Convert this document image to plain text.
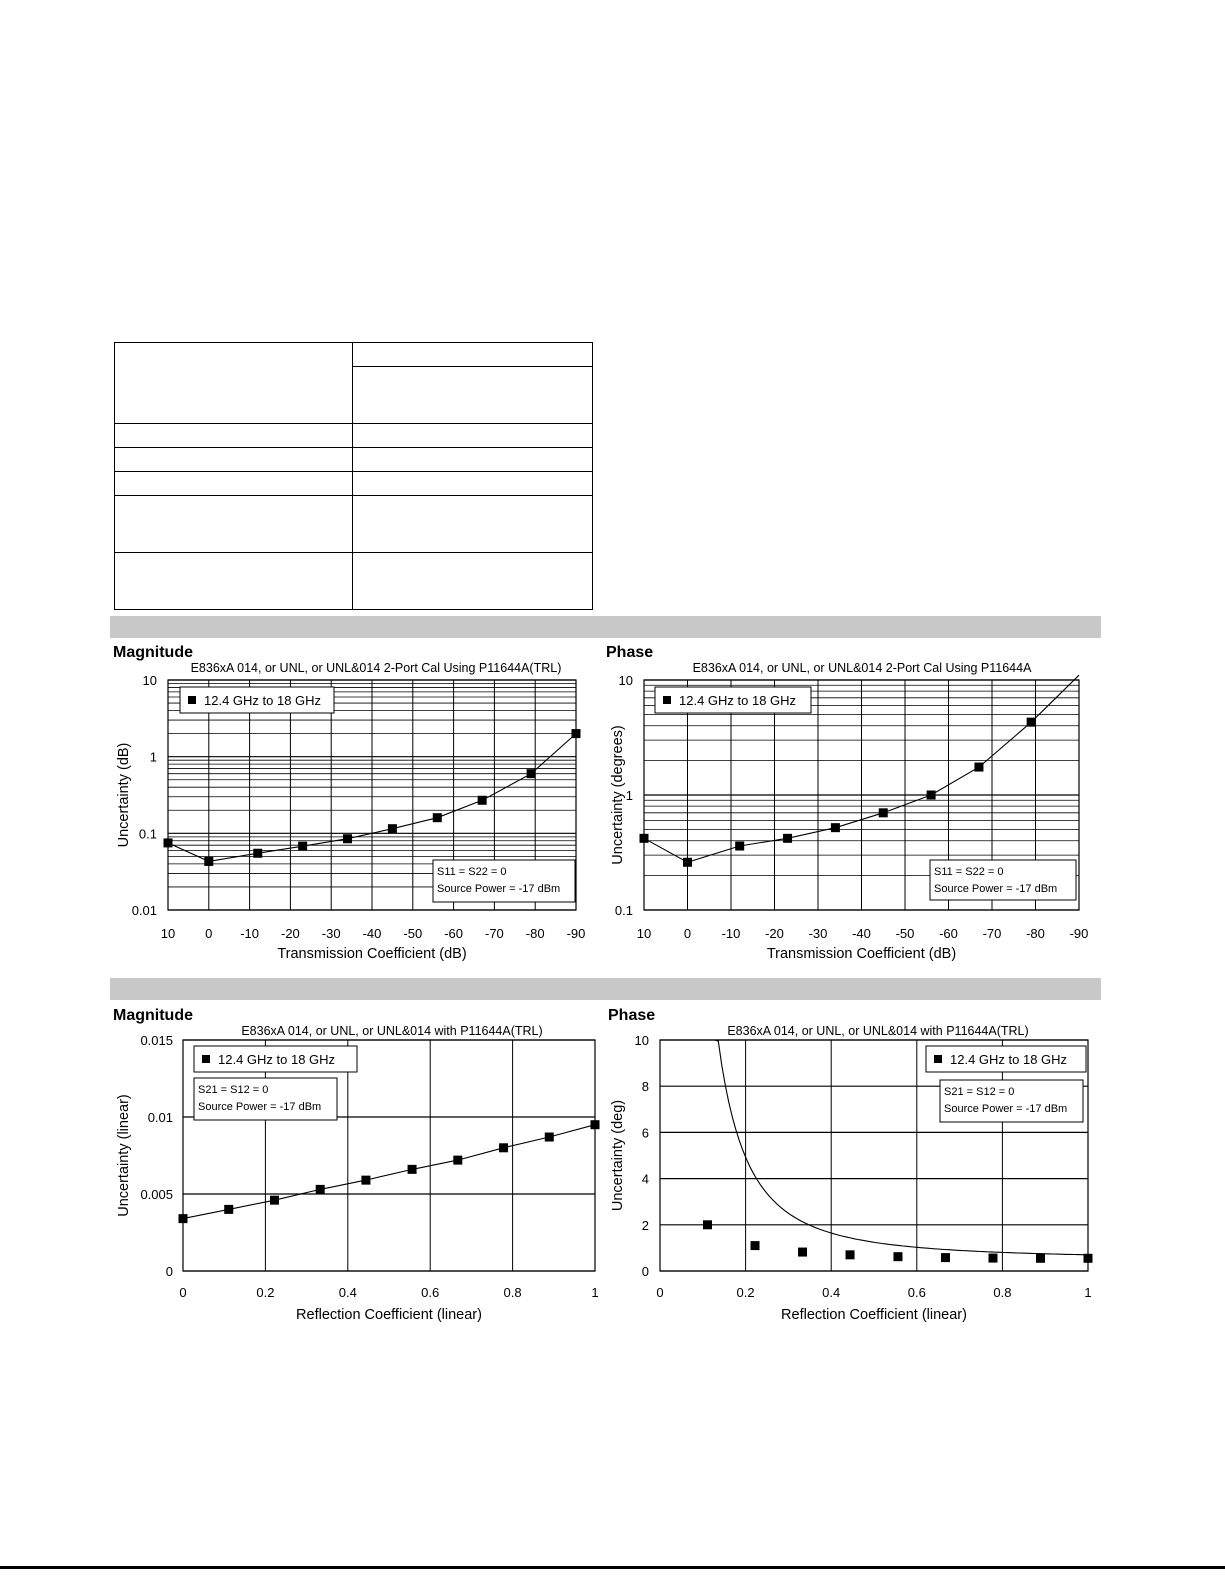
Magnitude
E836xA 014, or UNL, or UNL&014 2-Port Cal Using P11644A(TRL)
0.01
0.1
1
10
10 0 -10 -20 -30 -40 -50 -60 -70 -80 -90
Transmission Coefficient (dB)
Uncertainty (dB)
12.4 GHz to 18 GHz
S11 = S22 = 0
Source Power = -17 dBm
Phase
E836xA 014, or UNL, or UNL&014 2-Port Cal Using P11644A
0.1
1
10
10	0 -10 -20 -30 -40 -50 -60 -70 -80 -90
Transmission Coefficient (dB)
Uncertainty (degrees)
12.4 GHz to 18 GHz
S11 = S22 = 0
Source Power = -17 dBm
Magnitude
E836xA 014, or UNL, or UNL&014 with P11644A(TRL)
0
0.005
0.01
0.015
0	0.2	0.4	0.6	0.8	1
Reflection Coefficient (linear)
Uncertainty (linear)
12.4 GHz to 18 GHz
S21 = S12 = 0
Source Power = -17 dBm
Phase
E836xA 014, or UNL, or UNL&014 with P11644A(TRL)
0
2
4
6
8
10
0	0.2	0.4	0.6	0.8	1
Reflection Coefficient (linear)
Uncertainty (deg)
12.4 GHz to 18 GHz
S21 = S12 = 0
Source Power = -17 dBm
